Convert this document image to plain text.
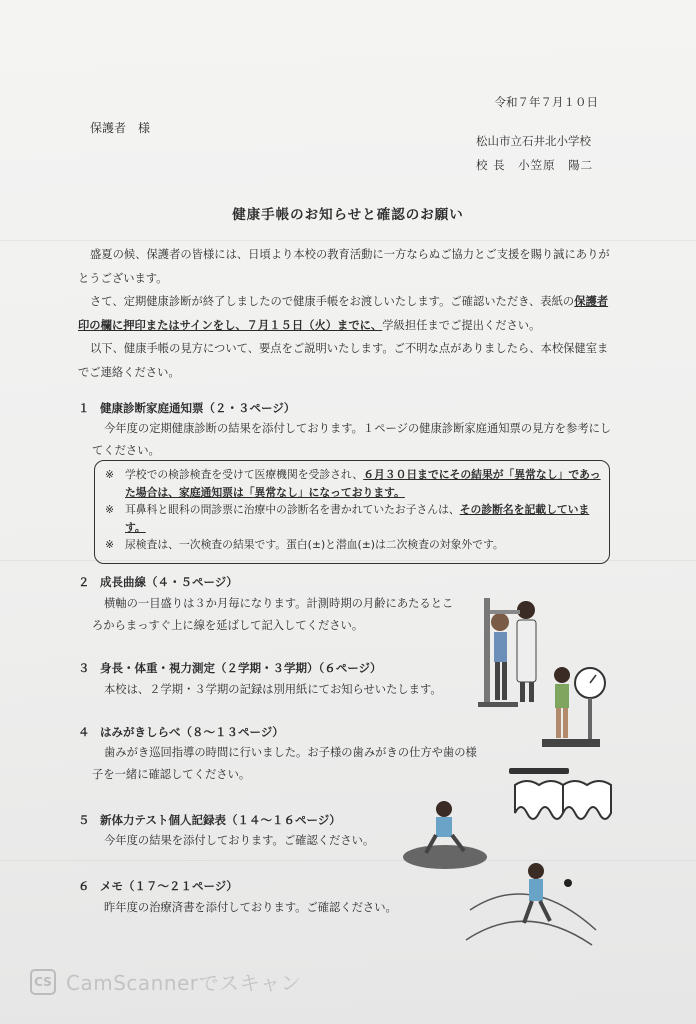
令和７年７月１０日
保護者　様
松山市立石井北小学校
校 長　小笠原　陽二
健康手帳のお知らせと確認のお願い
盛夏の候、保護者の皆様には、日頃より本校の教育活動に一方ならぬご協力とご支援を賜り誠にありがとうございます。
さて、定期健康診断が終了しましたので健康手帳をお渡しいたします。ご確認いただき、表紙の保護者印の欄に押印またはサインをし、７月１５日（火）までに、学級担任までご提出ください。
以下、健康手帳の見方について、要点をご説明いたします。ご不明な点がありましたら、本校保健室までご連絡ください。
１ 健康診断家庭通知票（２・３ページ）
今年度の定期健康診断の結果を添付しております。１ページの健康診断家庭通知票の見方を参考にしてください。
※	学校での検診検査を受けて医療機関を受診され、６月３０日までにその結果が「異常なし」であった場合は、家庭通知票は「異常なし」になっております。
※	耳鼻科と眼科の問診票に治療中の診断名を書かれていたお子さんは、その診断名を記載しています。
※	尿検査は、一次検査の結果です。蛋白(±)と潜血(±)は二次検査の対象外です。
２ 成長曲線（４・５ページ）
横軸の一目盛りは３か月毎になります。計測時期の月齢にあたるところからまっすぐ上に線を延ばして記入してください。
３ 身長・体重・視力測定（２学期・３学期）（６ページ）
本校は、２学期・３学期の記録は別用紙にてお知らせいたします。
４ はみがきしらべ（８～１３ページ）
歯みがき巡回指導の時間に行いました。お子様の歯みがきの仕方や歯の様子を一緒に確認してください。
５ 新体力テスト個人記録表（１４～１６ページ）
今年度の結果を添付しております。ご確認ください。
６ メモ（１７～２１ページ）
昨年度の治療済書を添付しております。ご確認ください。
CS CamScannerでスキャン
